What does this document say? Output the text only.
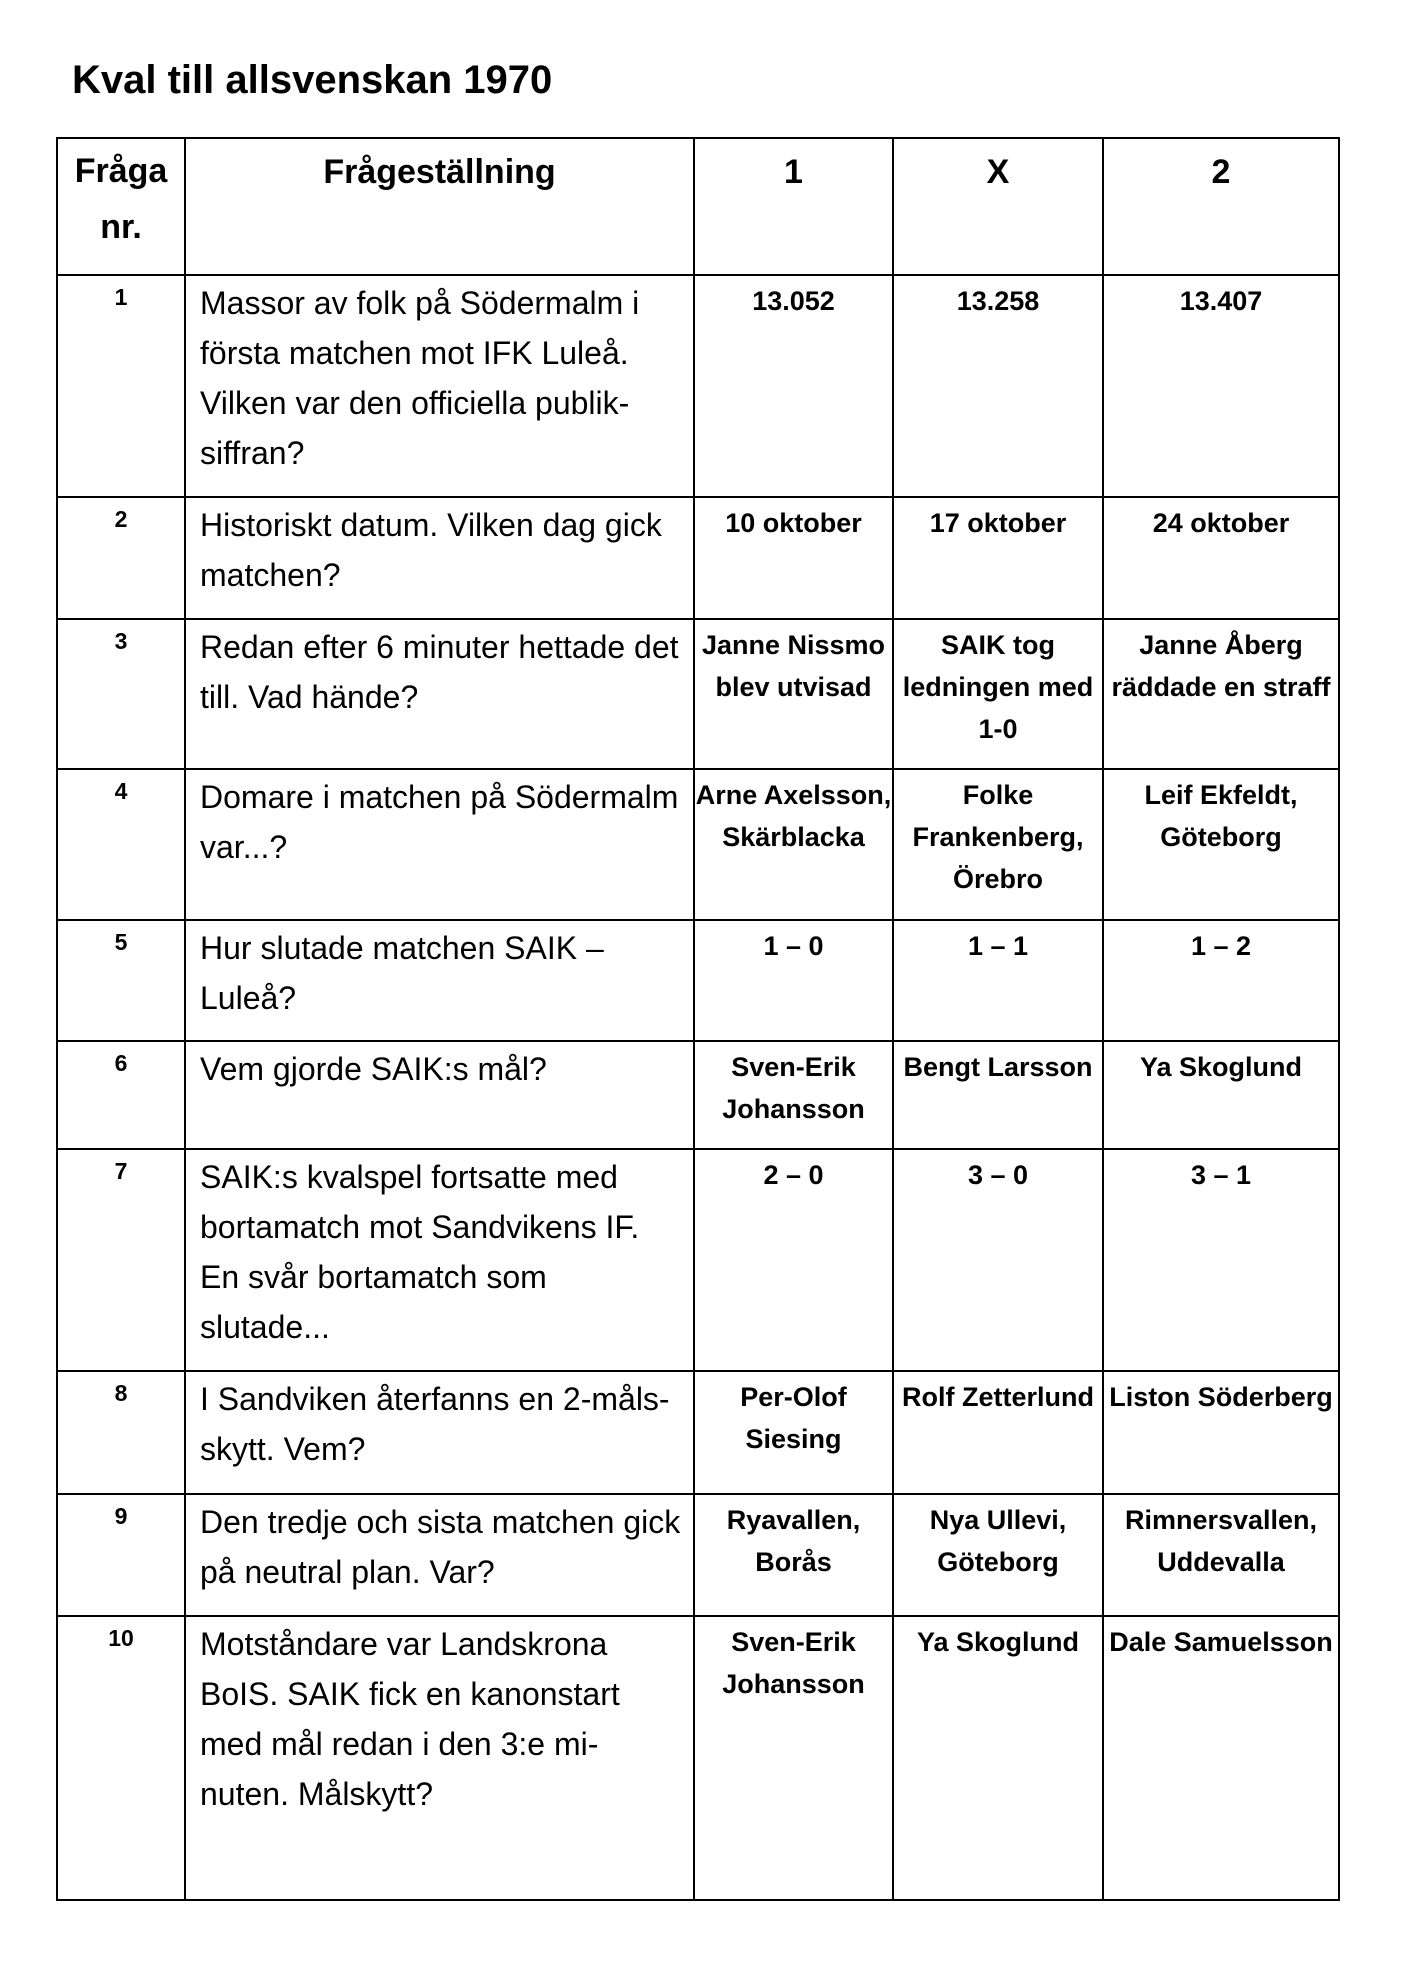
Kval till allsvenskan 1970
Fråga nr.	Frågeställning	1	X	2
1	Massor av folk på Södermalm i första matchen mot IFK Luleå. Vilken var den officiella publik-siffran?	13.052	13.258	13.407
2	Historiskt datum. Vilken dag gick matchen?	10 oktober	17 oktober	24 oktober
3	Redan efter 6 minuter hettade det till. Vad hände?	Janne Nissmo blev utvisad	SAIK tog ledningen med 1-0	Janne Åberg räddade en straff
4	Domare i matchen på Södermalm var...?	Arne Axelsson, Skärblacka	Folke Frankenberg, Örebro	Leif Ekfeldt, Göteborg
5	Hur slutade matchen SAIK – Luleå?	1 – 0	1 – 1	1 – 2
6	Vem gjorde SAIK:s mål?	Sven-Erik Johansson	Bengt Larsson	Ya Skoglund
7	SAIK:s kvalspel fortsatte med bortamatch mot Sandvikens IF. En svår bortamatch som slutade...	2 – 0	3 – 0	3 – 1
8	I Sandviken återfanns en 2-måls-skytt. Vem?	Per-Olof Siesing	Rolf Zetterlund	Liston Söderberg
9	Den tredje och sista matchen gick på neutral plan. Var?	Ryavallen, Borås	Nya Ullevi, Göteborg	Rimnersvallen, Uddevalla
10	Motståndare var Landskrona BoIS. SAIK fick en kanonstart med mål redan i den 3:e mi-nuten. Målskytt?	Sven-Erik Johansson	Ya Skoglund	Dale Samuelsson
